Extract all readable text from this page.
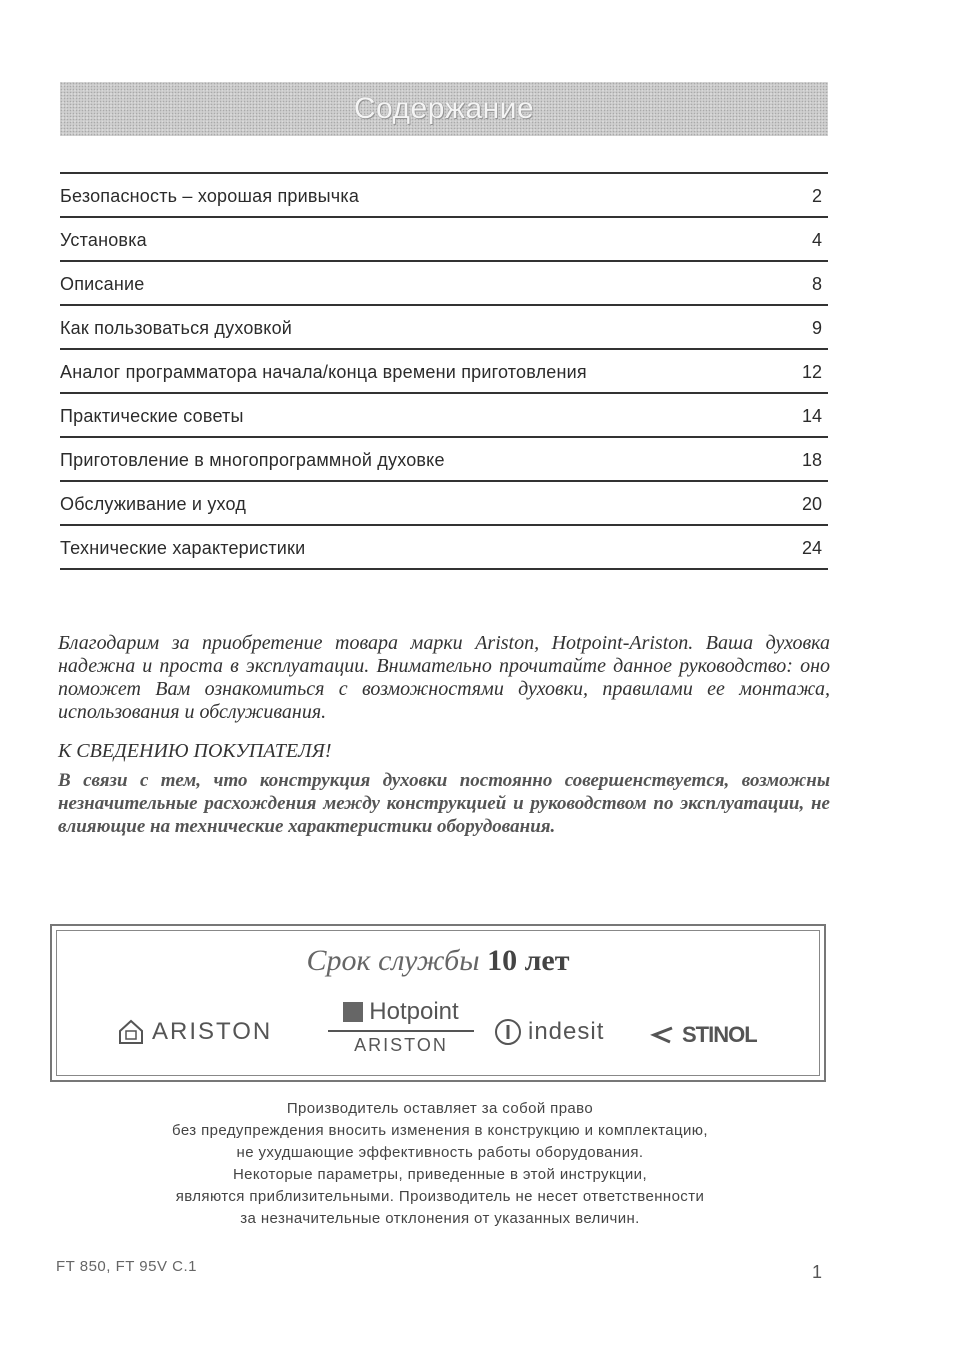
Содержание
Безопасность – хорошая привычка	2
Установка	4
Описание	8
Как пользоваться духовкой	9
Аналог программатора начала/конца времени приготовления	12
Практические советы	14
Приготовление в многопрограммной духовке	18
Обслуживание и уход	20
Технические характеристики	24
Благодарим за приобретение товара марки Ariston, Hotpoint-Ariston. Ваша духовка надежна и проста в эксплуатации. Внимательно прочитайте данное руководство: оно поможет Вам ознакомиться с возможностями духовки, правилами ее монтажа, использования и обслуживания.
К СВЕДЕНИЮ ПОКУПАТЕЛЯ!
В связи с тем, что конструкция духовки постоянно совершенствуется, возможны незначительные расхождения между конструкцией и руководством по эксплуатации, не влияющие на технические характеристики оборудования.
Срок службы 10 лет
ARISTON
Hotpoint
ARISTON	indesit	STINOL
Производитель оставляет за собой право
без предупреждения вносить изменения в конструкцию и комплектацию,
не ухудшающие эффективность работы оборудования.
Некоторые параметры, приведенные в этой инструкции,
являются приблизительными. Производитель не несет ответственности
за незначительные отклонения от указанных величин.
FT 850, FT 95V C.1	1
